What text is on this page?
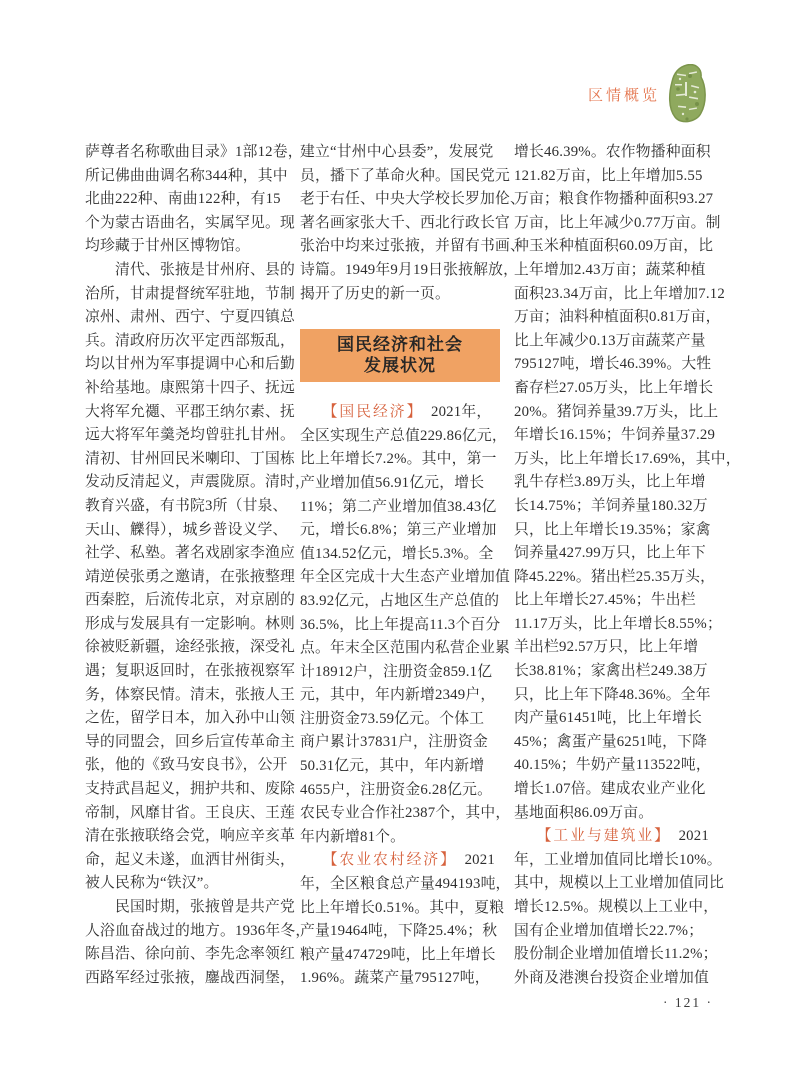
区情概览
萨尊者名称歌曲目录》1部12卷，
所记佛曲曲调名称344种，其中
北曲222种、南曲122种，有15
个为蒙古语曲名，实属罕见。现
均珍藏于甘州区博物馆。
　　清代、张掖是甘州府、县的
治所，甘肃提督统军驻地，节制
凉州、肃州、西宁、宁夏四镇总
兵。清政府历次平定西部叛乱，
均以甘州为军事提调中心和后勤
补给基地。康熙第十四子、抚远
大将军允禵、平郡王纳尔素、抚
远大将军年羹尧均曾驻扎甘州。
清初、甘州回民米喇印、丁国栋
发动反清起义，声震陇原。清时，
教育兴盛，有书院3所（甘泉、
天山、觻得），城乡普设义学、
社学、私塾。著名戏剧家李渔应
靖逆侯张勇之邀请，在张掖整理
西秦腔，后流传北京，对京剧的
形成与发展具有一定影响。林则
徐被贬新疆，途经张掖，深受礼
遇；复职返回时，在张掖视察军
务，体察民情。清末，张掖人王
之佐，留学日本，加入孙中山领
导的同盟会，回乡后宣传革命主
张，他的《致马安良书》，公开
支持武昌起义，拥护共和、废除
帝制，风靡甘省。王良庆、王莲
清在张掖联络会党，响应辛亥革
命，起义未遂，血洒甘州街头，
被人民称为“铁汉”。
　　民国时期，张掖曾是共产党
人浴血奋战过的地方。1936年冬，
陈昌浩、徐向前、李先念率领红
西路军经过张掖，鏖战西洞堡，
建立“甘州中心县委”，发展党
员，播下了革命火种。国民党元
老于右任、中央大学校长罗加伦、
著名画家张大千、西北行政长官
张治中均来过张掖，并留有书画、
诗篇。1949年9月19日张掖解放，
揭开了历史的新一页。
国民经济和社会
发展状况
　　【国民经济】　2021年，
全区实现生产总值229.86亿元，
比上年增长7.2%。其中，第一
产业增加值56.91亿元，增长
11%；第二产业增加值38.43亿
元，增长6.8%；第三产业增加
值134.52亿元，增长5.3%。全
年全区完成十大生态产业增加值
83.92亿元，占地区生产总值的
36.5%，比上年提高11.3个百分
点。年末全区范围内私营企业累
计18912户，注册资金859.1亿
元，其中，年内新增2349户，
注册资金73.59亿元。个体工
商户累计37831户，注册资金
50.31亿元，其中，年内新增
4655户，注册资金6.28亿元。
农民专业合作社2387个，其中，
年内新增81个。
　　【农业农村经济】　2021
年，全区粮食总产量494193吨，
比上年增长0.51%。其中，夏粮
产量19464吨，下降25.4%；秋
粮产量474729吨，比上年增长
1.96%。蔬菜产量795127吨，
增长46.39%。农作物播种面积
121.82万亩，比上年增加5.55
万亩；粮食作物播种面积93.27
万亩，比上年减少0.77万亩。制
种玉米种植面积60.09万亩，比
上年增加2.43万亩；蔬菜种植
面积23.34万亩，比上年增加7.12
万亩；油料种植面积0.81万亩，
比上年减少0.13万亩蔬菜产量
795127吨，增长46.39%。大牲
畜存栏27.05万头，比上年增长
20%。猪饲养量39.7万头，比上
年增长16.15%；牛饲养量37.29
万头，比上年增长17.69%，其中，
乳牛存栏3.89万头，比上年增
长14.75%；羊饲养量180.32万
只，比上年增长19.35%；家禽
饲养量427.99万只，比上年下
降45.22%。猪出栏25.35万头，
比上年增长27.45%；牛出栏
11.17万头，比上年增长8.55%；
羊出栏92.57万只，比上年增
长38.81%；家禽出栏249.38万
只，比上年下降48.36%。全年
肉产量61451吨，比上年增长
45%；禽蛋产量6251吨，下降
40.15%；牛奶产量113522吨，
增长1.07倍。建成农业产业化
基地面积86.09万亩。
　　【工业与建筑业】　2021
年，工业增加值同比增长10%。
其中，规模以上工业增加值同比
增长12.5%。规模以上工业中，
国有企业增加值增长22.7%；
股份制企业增加值增长11.2%；
外商及港澳台投资企业增加值
· 121 ·
